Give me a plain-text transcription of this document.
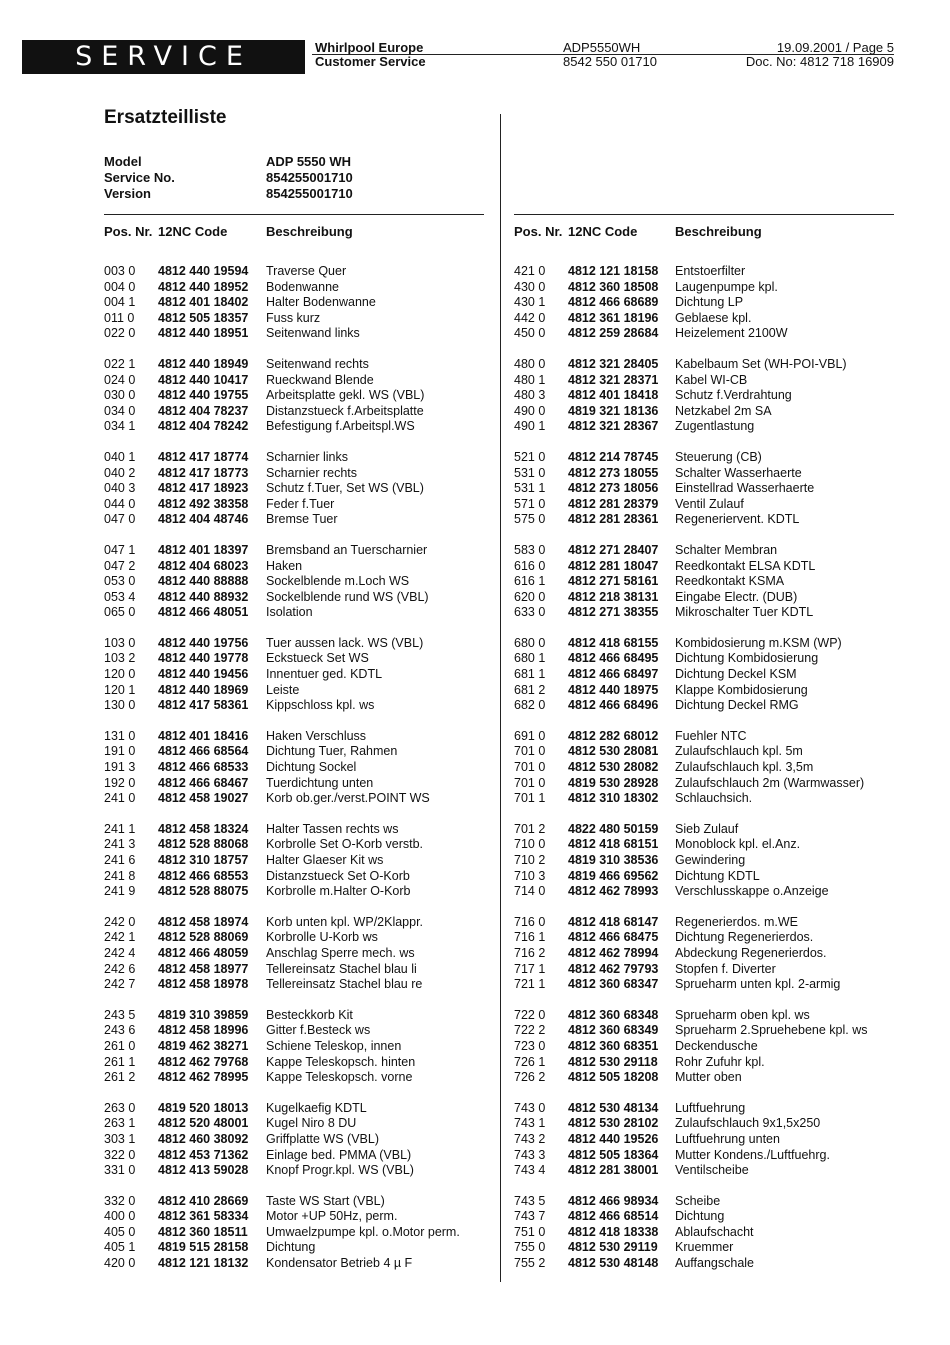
SERVICE	Whirlpool Europe
Customer Service
ADP5550WH
8542 550 01710
19.09.2001 / Page 5
Doc. No: 4812 718 16909
Ersatzteilliste
Model	ADP 5550 WH
Service No.	854255001710
Version	854255001710
Pos. Nr. 12NC Code	Beschreibung
003 0	4812 440 19594	Traverse Quer
004 0	4812 440 18952	Bodenwanne
004 1	4812 401 18402	Halter Bodenwanne
011 0	4812 505 18357	Fuss kurz
022 0	4812 440 18951	Seitenwand links
022 1	4812 440 18949	Seitenwand rechts
024 0	4812 440 10417	Rueckwand Blende
030 0	4812 440 19755	Arbeitsplatte gekl. WS (VBL)
034 0	4812 404 78237	Distanzstueck f.Arbeitsplatte
034 1	4812 404 78242	Befestigung f.Arbeitspl.WS
040 1	4812 417 18774	Scharnier links
040 2	4812 417 18773	Scharnier rechts
040 3	4812 417 18923	Schutz f.Tuer, Set WS (VBL)
044 0	4812 492 38358	Feder f.Tuer
047 0	4812 404 48746	Bremse Tuer
047 1	4812 401 18397	Bremsband an Tuerscharnier
047 2	4812 404 68023	Haken
053 0	4812 440 88888	Sockelblende m.Loch WS
053 4	4812 440 88932	Sockelblende rund WS (VBL)
065 0	4812 466 48051	Isolation
103 0	4812 440 19756	Tuer aussen lack. WS (VBL)
103 2	4812 440 19778	Eckstueck Set WS
120 0	4812 440 19456	Innentuer ged. KDTL
120 1	4812 440 18969	Leiste
130 0	4812 417 58361	Kippschloss kpl. ws
131 0	4812 401 18416	Haken Verschluss
191 0	4812 466 68564	Dichtung Tuer, Rahmen
191 3	4812 466 68533	Dichtung Sockel
192 0	4812 466 68467	Tuerdichtung unten
241 0	4812 458 19027	Korb ob.ger./verst.POINT WS
241 1	4812 458 18324	Halter Tassen rechts ws
241 3	4812 528 88068	Korbrolle Set O-Korb verstb.
241 6	4812 310 18757	Halter Glaeser Kit ws
241 8	4812 466 68553	Distanzstueck Set O-Korb
241 9	4812 528 88075	Korbrolle m.Halter O-Korb
242 0	4812 458 18974	Korb unten kpl. WP/2Klappr.
242 1	4812 528 88069	Korbrolle U-Korb ws
242 4	4812 466 48059	Anschlag Sperre mech. ws
242 6	4812 458 18977	Tellereinsatz Stachel blau li
242 7	4812 458 18978	Tellereinsatz Stachel blau re
243 5	4819 310 39859	Besteckkorb Kit
243 6	4812 458 18996	Gitter f.Besteck ws
261 0	4819 462 38271	Schiene Teleskop, innen
261 1	4812 462 79768	Kappe Teleskopsch. hinten
261 2	4812 462 78995	Kappe Teleskopsch. vorne
263 0	4819 520 18013	Kugelkaefig KDTL
263 1	4812 520 48001	Kugel Niro 8 DU
303 1	4812 460 38092	Griffplatte WS (VBL)
322 0	4812 453 71362	Einlage bed. PMMA (VBL)
331 0	4812 413 59028	Knopf Progr.kpl. WS (VBL)
332 0	4812 410 28669	Taste WS Start (VBL)
400 0	4812 361 58334	Motor +UP 50Hz, perm.
405 0	4812 360 18511	Umwaelzpumpe kpl. o.Motor perm.
405 1	4819 515 28158	Dichtung
420 0	4812 121 18132	Kondensator Betrieb 4 µ F
Pos. Nr. 12NC Code	Beschreibung
421 0	4812 121 18158	Entstoerfilter
430 0	4812 360 18508	Laugenpumpe kpl.
430 1	4812 466 68689	Dichtung LP
442 0	4812 361 18196	Geblaese kpl.
450 0	4812 259 28684	Heizelement 2100W
480 0	4812 321 28405	Kabelbaum Set (WH-POI-VBL)
480 1	4812 321 28371	Kabel WI-CB
480 3	4812 401 18418	Schutz f.Verdrahtung
490 0	4819 321 18136	Netzkabel 2m SA
490 1	4812 321 28367	Zugentlastung
521 0	4812 214 78745	Steuerung (CB)
531 0	4812 273 18055	Schalter Wasserhaerte
531 1	4812 273 18056	Einstellrad Wasserhaerte
571 0	4812 281 28379	Ventil Zulauf
575 0	4812 281 28361	Regeneriervent. KDTL
583 0	4812 271 28407	Schalter Membran
616 0	4812 281 18047	Reedkontakt ELSA KDTL
616 1	4812 271 58161	Reedkontakt KSMA
620 0	4812 218 38131	Eingabe Electr. (DUB)
633 0	4812 271 38355	Mikroschalter Tuer KDTL
680 0	4812 418 68155	Kombidosierung m.KSM (WP)
680 1	4812 466 68495	Dichtung Kombidosierung
681 1	4812 466 68497	Dichtung Deckel KSM
681 2	4812 440 18975	Klappe Kombidosierung
682 0	4812 466 68496	Dichtung Deckel RMG
691 0	4812 282 68012	Fuehler NTC
701 0	4812 530 28081	Zulaufschlauch kpl. 5m
701 0	4812 530 28082	Zulaufschlauch kpl. 3,5m
701 0	4819 530 28928	Zulaufschlauch 2m (Warmwasser)
701 1	4812 310 18302	Schlauchsich.
701 2	4822 480 50159	Sieb Zulauf
710 0	4812 418 68151	Monoblock kpl. el.Anz.
710 2	4819 310 38536	Gewindering
710 3	4819 466 69562	Dichtung KDTL
714 0	4812 462 78993	Verschlusskappe o.Anzeige
716 0	4812 418 68147	Regenerierdos. m.WE
716 1	4812 466 68475	Dichtung Regenerierdos.
716 2	4812 462 78994	Abdeckung Regenerierdos.
717 1	4812 462 79793	Stopfen f. Diverter
721 1	4812 360 68347	Sprueharm unten kpl. 2-armig
722 0	4812 360 68348	Sprueharm oben kpl. ws
722 2	4812 360 68349	Sprueharm 2.Spruehebene kpl. ws
723 0	4812 360 68351	Deckendusche
726 1	4812 530 29118	Rohr Zufuhr kpl.
726 2	4812 505 18208	Mutter oben
743 0	4812 530 48134	Luftfuehrung
743 1	4812 530 28102	Zulaufschlauch 9x1,5x250
743 2	4812 440 19526	Luftfuehrung unten
743 3	4812 505 18364	Mutter Kondens./Luftfuehrg.
743 4	4812 281 38001	Ventilscheibe
743 5	4812 466 98934	Scheibe
743 7	4812 466 68514	Dichtung
751 0	4812 418 18338	Ablaufschacht
755 0	4812 530 29119	Kruemmer
755 2	4812 530 48148	Auffangschale
